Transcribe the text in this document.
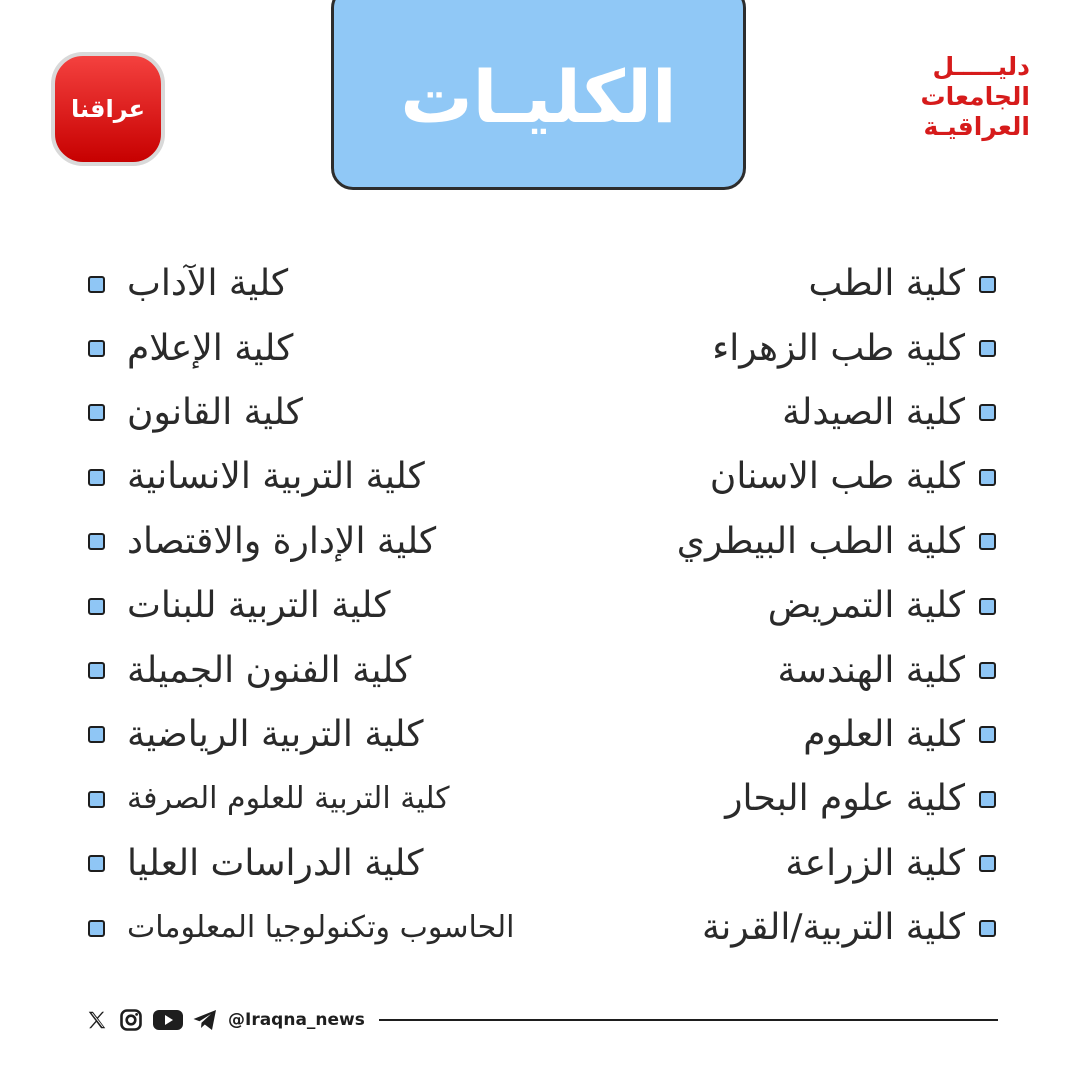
الكليـات
عراقنا
دليـــــل
الجامعات
العراقيـة
كلية الطب
كلية طب الزهراء
كلية الصيدلة
كلية طب الاسنان
كلية الطب البيطري
كلية التمريض
كلية الهندسة
كلية العلوم
كلية علوم البحار
كلية الزراعة
كلية التربية/القرنة
كلية الآداب
كلية الإعلام
كلية القانون
كلية التربية الانسانية
كلية الإدارة والاقتصاد
كلية التربية للبنات
كلية الفنون الجميلة
كلية التربية الرياضية
كلية التربية للعلوم الصرفة
كلية الدراسات العليا
الحاسوب وتكنولوجيا المعلومات
@Iraqna_news
